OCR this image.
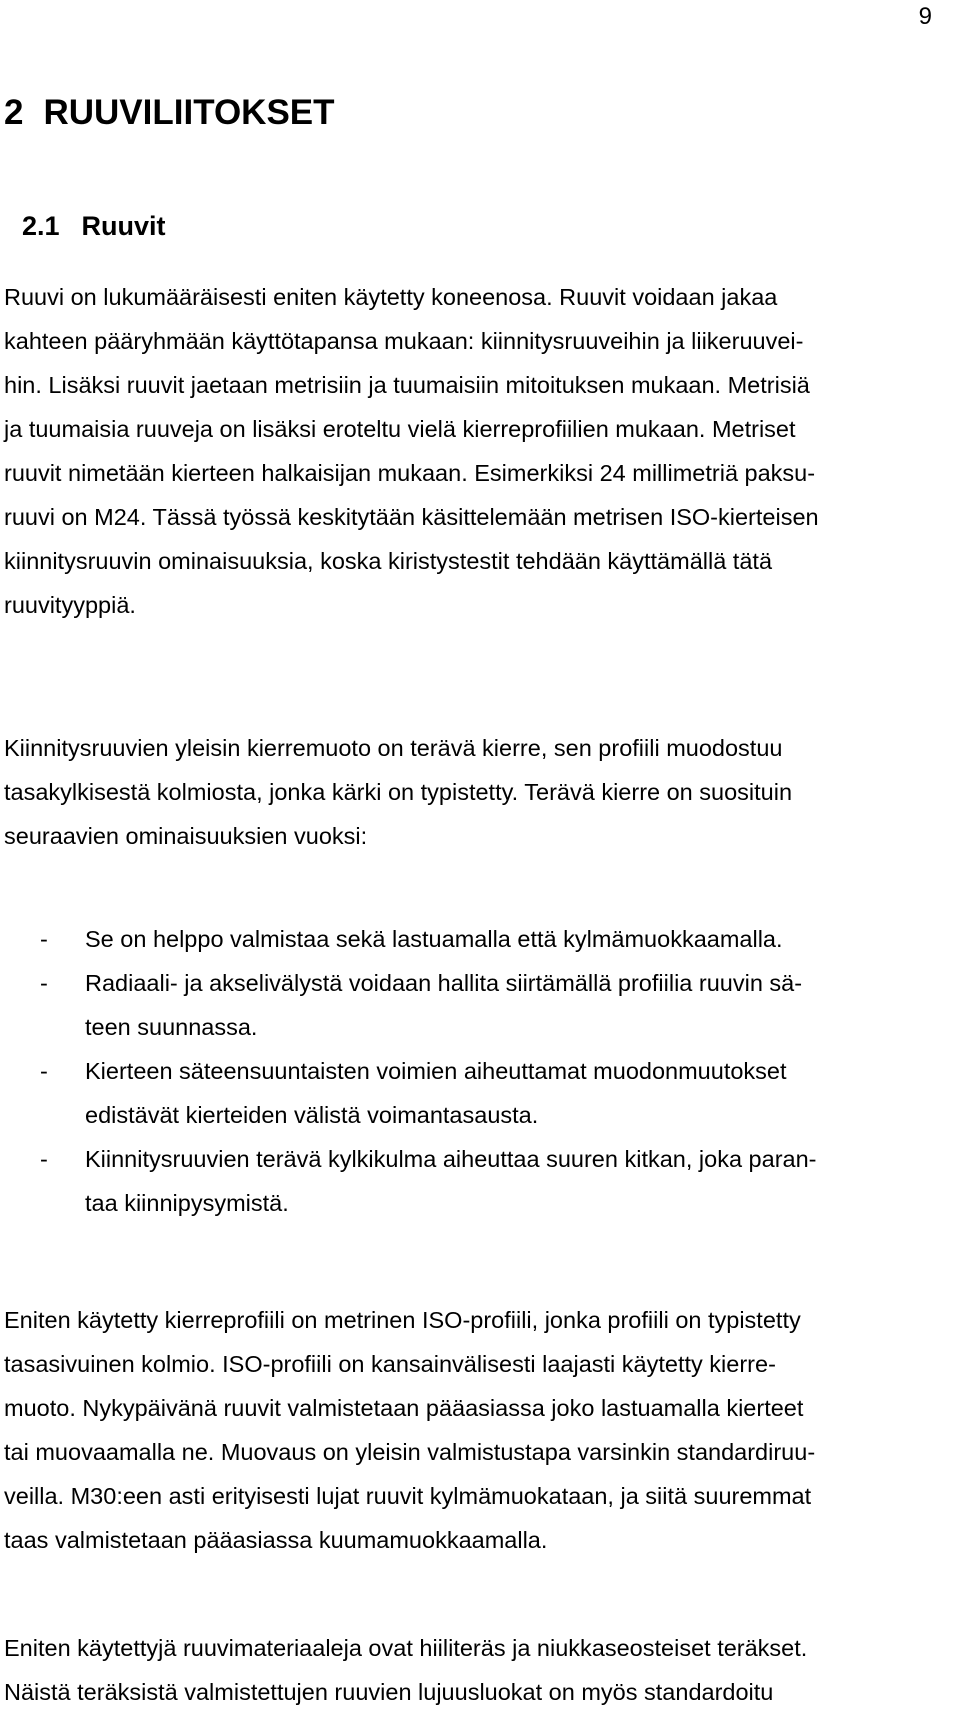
9
2 RUUVILIITOKSET
2.1 Ruuvit
Ruuvi on lukumääräisesti eniten käytetty koneenosa. Ruuvit voidaan jakaa
kahteen pääryhmään käyttötapansa mukaan: kiinnitysruuveihin ja liikeruuvei-
hin. Lisäksi ruuvit jaetaan metrisiin ja tuumaisiin mitoituksen mukaan. Metrisiä
ja tuumaisia ruuveja on lisäksi eroteltu vielä kierreprofiilien mukaan. Metriset
ruuvit nimetään kierteen halkaisijan mukaan. Esimerkiksi 24 millimetriä paksu-
ruuvi on M24. Tässä työssä keskitytään käsittelemään metrisen ISO-kierteisen
kiinnitysruuvin ominaisuuksia, koska kiristystestit tehdään käyttämällä tätä
ruuvityyppiä.
Kiinnitysruuvien yleisin kierremuoto on terävä kierre, sen profiili muodostuu
tasakylkisestä kolmiosta, jonka kärki on typistetty. Terävä kierre on suosituin
seuraavien ominaisuuksien vuoksi:
-	Se on helppo valmistaa sekä lastuamalla että kylmämuokkaamalla.
-	Radiaali- ja akselivälystä voidaan hallita siirtämällä profiilia ruuvin sä-
teen suunnassa.
-	Kierteen säteensuuntaisten voimien aiheuttamat muodonmuutokset
edistävät kierteiden välistä voimantasausta.
-	Kiinnitysruuvien terävä kylkikulma aiheuttaa suuren kitkan, joka paran-
taa kiinnipysymistä.
Eniten käytetty kierreprofiili on metrinen ISO-profiili, jonka profiili on typistetty
tasasivuinen kolmio. ISO-profiili on kansainvälisesti laajasti käytetty kierre-
muoto. Nykypäivänä ruuvit valmistetaan pääasiassa joko lastuamalla kierteet
tai muovaamalla ne. Muovaus on yleisin valmistustapa varsinkin standardiruu-
veilla. M30:een asti erityisesti lujat ruuvit kylmämuokataan, ja siitä suuremmat
taas valmistetaan pääasiassa kuumamuokkaamalla.
Eniten käytettyjä ruuvimateriaaleja ovat hiiliteräs ja niukkaseosteiset teräkset.
Näistä teräksistä valmistettujen ruuvien lujuusluokat on myös standardoitu
